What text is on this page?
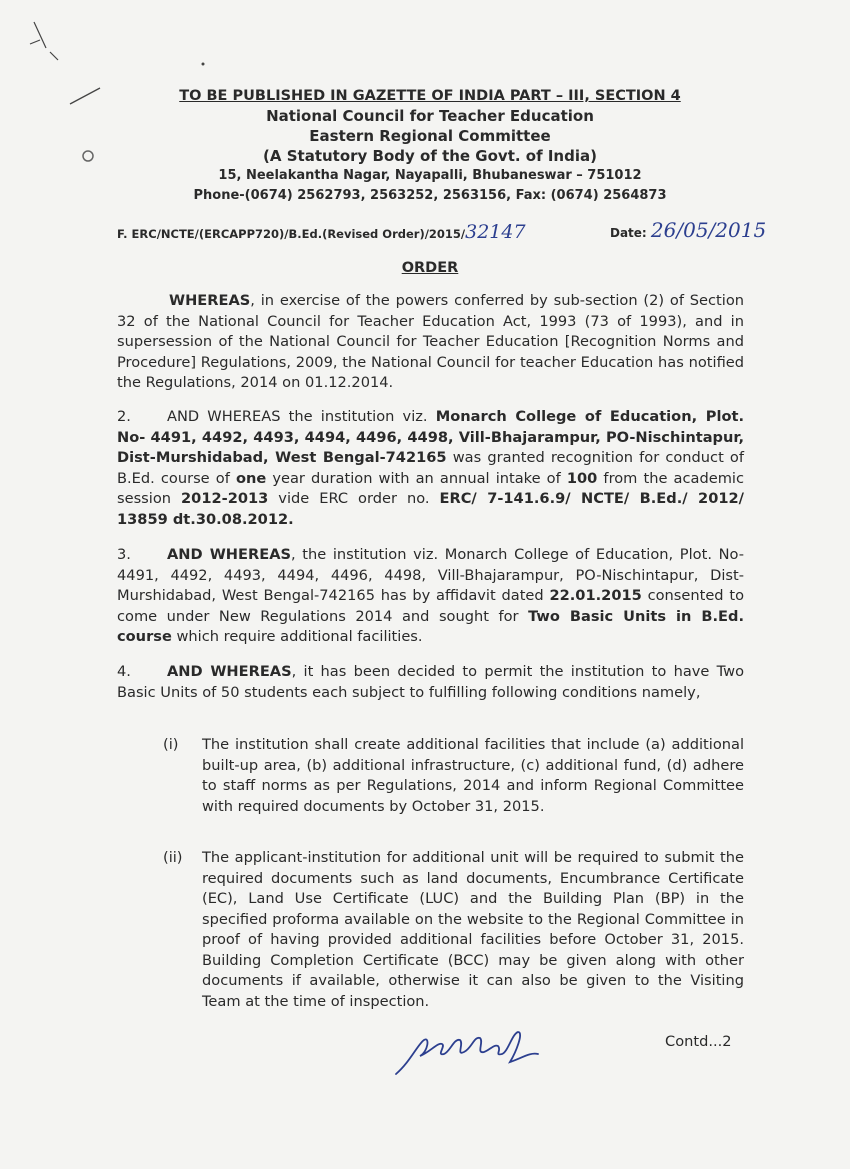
TO BE PUBLISHED IN GAZETTE OF INDIA PART – III, SECTION 4
National Council for Teacher Education
Eastern Regional Committee
(A Statutory Body of the Govt. of India)
15, Neelakantha Nagar, Nayapalli, Bhubaneswar – 751012
Phone-(0674) 2562793, 2563252, 2563156, Fax: (0674) 2564873
F. ERC/NCTE/(ERCAPP720)/B.Ed.(Revised Order)/2015/32147	Date: 26/05/2015
ORDER
WHEREAS, in exercise of the powers conferred by sub-section (2) of Section 32 of the National Council for Teacher Education Act, 1993 (73 of 1993), and in supersession of the National Council for Teacher Education [Recognition Norms and Procedure] Regulations, 2009, the National Council for teacher Education has notified the Regulations, 2014 on 01.12.2014.
2. AND WHEREAS the institution viz. Monarch College of Education, Plot. No- 4491, 4492, 4493, 4494, 4496, 4498, Vill-Bhajarampur, PO-Nischintapur, Dist-Murshidabad, West Bengal-742165 was granted recognition for conduct of B.Ed. course of one year duration with an annual intake of 100 from the academic session 2012-2013 vide ERC order no. ERC/ 7-141.6.9/ NCTE/ B.Ed./ 2012/ 13859 dt.30.08.2012.
3. AND WHEREAS, the institution viz. Monarch College of Education, Plot. No- 4491, 4492, 4493, 4494, 4496, 4498, Vill-Bhajarampur, PO-Nischintapur, Dist-Murshidabad, West Bengal-742165 has by affidavit dated 22.01.2015 consented to come under New Regulations 2014 and sought for Two Basic Units in B.Ed. course which require additional facilities.
4. AND WHEREAS, it has been decided to permit the institution to have Two Basic Units of 50 students each subject to fulfilling following conditions namely,
(i)	The institution shall create additional facilities that include (a) additional built-up area, (b) additional infrastructure, (c) additional fund, (d) adhere to staff norms as per Regulations, 2014 and inform Regional Committee with required documents by October 31, 2015.
(ii)	The applicant-institution for additional unit will be required to submit the required documents such as land documents, Encumbrance Certificate (EC), Land Use Certificate (LUC) and the Building Plan (BP) in the specified proforma available on the website to the Regional Committee in proof of having provided additional facilities before October 31, 2015. Building Completion Certificate (BCC) may be given along with other documents if available, otherwise it can also be given to the Visiting Team at the time of inspection.
Contd...2
